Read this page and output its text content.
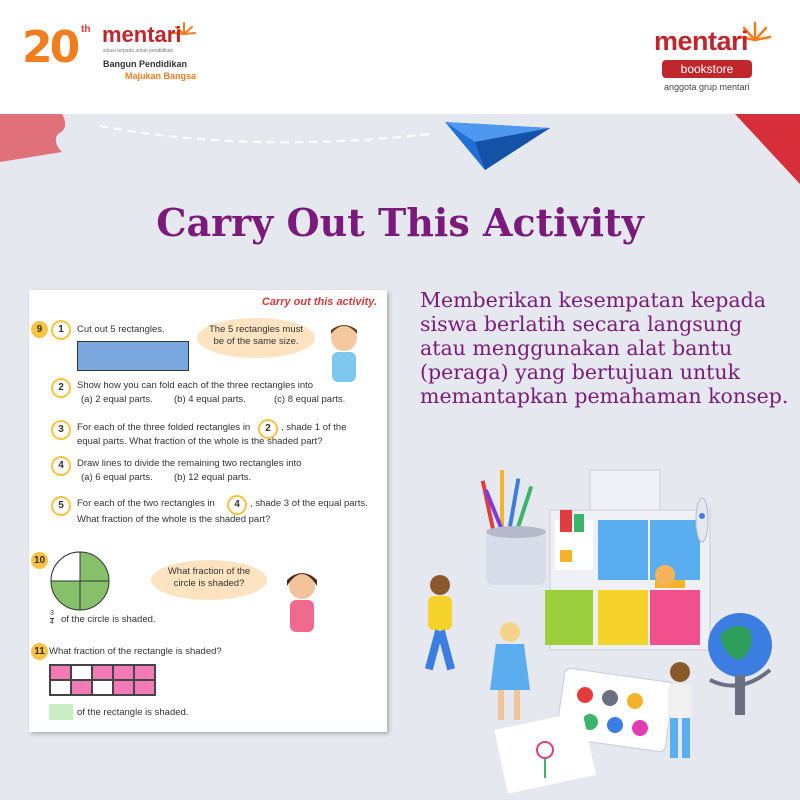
20 th mentari
solusi terpadu untuk pendidikan
Bangun Pendidikan
Majukan Bangsa
mentari
bookstore
anggota grup mentari
Carry Out This Activity
Memberikan kesempatan kepada siswa berlatih secara langsung atau menggunakan alat bantu (peraga) yang bertujuan untuk memantapkan pemahaman konsep.
Carry out this activity.
9	1	Cut out 5 rectangles.	The 5 rectangles must be of the same size.
2	Show how you can fold each of the three rectangles into
(a) 2 equal parts. (b) 4 equal parts.	(c) 8 equal parts.
3	For each of the three folded rectangles in	2	, shade 1 of the
equal parts. What fraction of the whole is the shaded part?
4	Draw lines to divide the remaining two rectangles into
(a) 6 equal parts. (b) 12 equal parts.
5	For each of the two rectangles in	4	, shade 3 of the equal parts.
What fraction of the whole is the shaded part?
10
What fraction of the circle is shaded?
$\frac{3}{4}$ of the circle is shaded.
11 What fraction of the rectangle is shaded?
of the rectangle is shaded.
